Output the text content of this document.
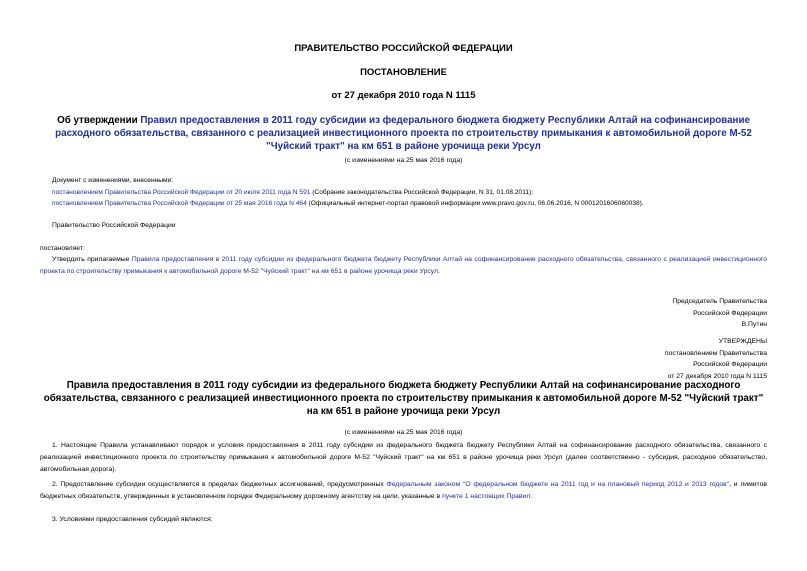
ПРАВИТЕЛЬСТВО РОССИЙСКОЙ ФЕДЕРАЦИИ
ПОСТАНОВЛЕНИЕ
от 27 декабря 2010 года N 1115
Об утверждении Правил предоставления в 2011 году субсидии из федерального бюджета бюджету Республики Алтай на софинансирование расходного обязательства, связанного с реализацией инвестиционного проекта по строительству примыкания к автомобильной дороге М-52 "Чуйский тракт" на км 651 в районе урочища реки Урсул
(с изменениями на 25 мая 2016 года)
Документ с изменениями, внесенными:
постановлением Правительства Российской Федерации от 20 июля 2011 года N 591 (Собрание законодательства Российской Федерации, N 31, 01.08.2011);
постановлением Правительства Российской Федерации от 25 мая 2016 года N 464 (Официальный интернет-портал правовой информации www.pravo.gov.ru, 06.06.2016, N 0001201606060038).
Правительство Российской Федерации
постановляет:
Утвердить прилагаемые Правила предоставления в 2011 году субсидии из федерального бюджета бюджету Республики Алтай на софинансирование расходного обязательства, связанного с реализацией инвестиционного проекта по строительству примыкания к автомобильной дороге М-52 "Чуйский тракт" на км 651 в районе урочища реки Урсул.
Председатель Правительства
Российской Федерации
В.Путин
УТВЕРЖДЕНЫ
постановлением Правительства
Российской Федерации
от 27 декабря 2010 года N 1115
Правила предоставления в 2011 году субсидии из федерального бюджета бюджету Республики Алтай на софинансирование расходного обязательства, связанного с реализацией инвестиционного проекта по строительству примыкания к автомобильной дороге М-52 "Чуйский тракт" на км 651 в районе урочища реки Урсул
(с изменениями на 25 мая 2016 года)
1. Настоящие Правила устанавливают порядок и условия предоставления в 2011 году субсидии из федерального бюджета бюджету Республики Алтай на софинансирование расходного обязательства, связанного с реализацией инвестиционного проекта по строительству примыкания к автомобильной дороге М-52 "Чуйский тракт" на км 651 в районе урочища реки Урсул (далее соответственно - субсидия, расходное обязательство, автомобильная дорога).
2. Предоставление субсидии осуществляется в пределах бюджетных ассигнований, предусмотренных Федеральным законом "О федеральном бюджете на 2011 год и на плановый период 2012 и 2013 годов", и лимитов бюджетных обязательств, утвержденных в установленном порядке Федеральному дорожному агентству на цели, указанные в пункте 1 настоящих Правил.
3. Условиями предоставления субсидий являются:
